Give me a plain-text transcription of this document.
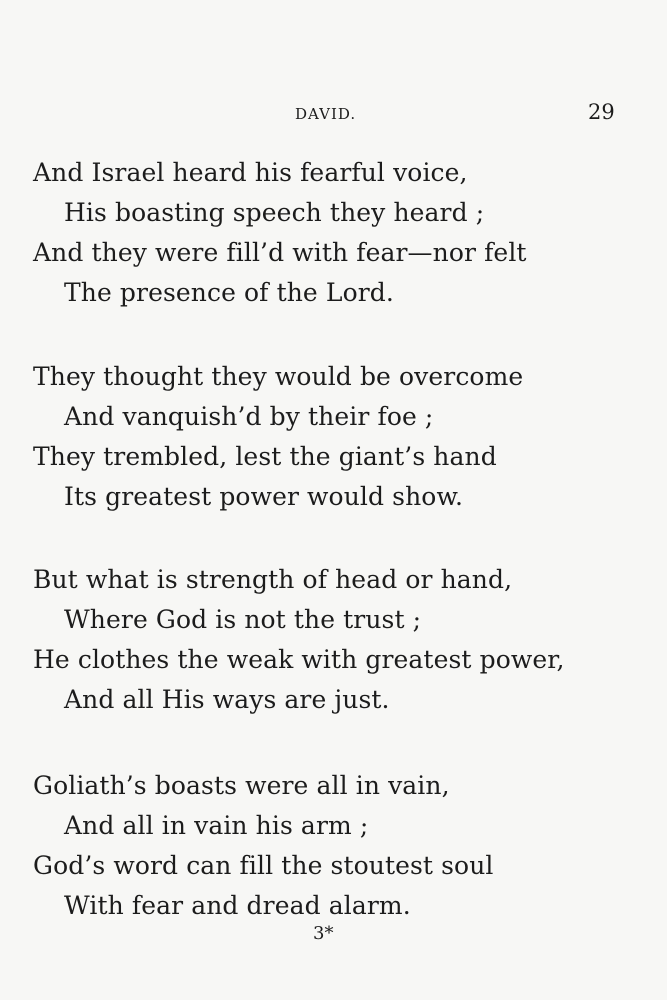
DAVID.	29
And Israel heard his fearful voice,
His boasting speech they heard ;
And they were fill’d with fear—nor felt
The presence of the Lord.
They thought they would be overcome
And vanquish’d by their foe ;
They trembled, lest the giant’s hand
Its greatest power would show.
But what is strength of head or hand,
Where God is not the trust ;
He clothes the weak with greatest power,
And all His ways are just.
Goliath’s boasts were all in vain,
And all in vain his arm ;
God’s word can fill the stoutest soul
With fear and dread alarm.
3*
